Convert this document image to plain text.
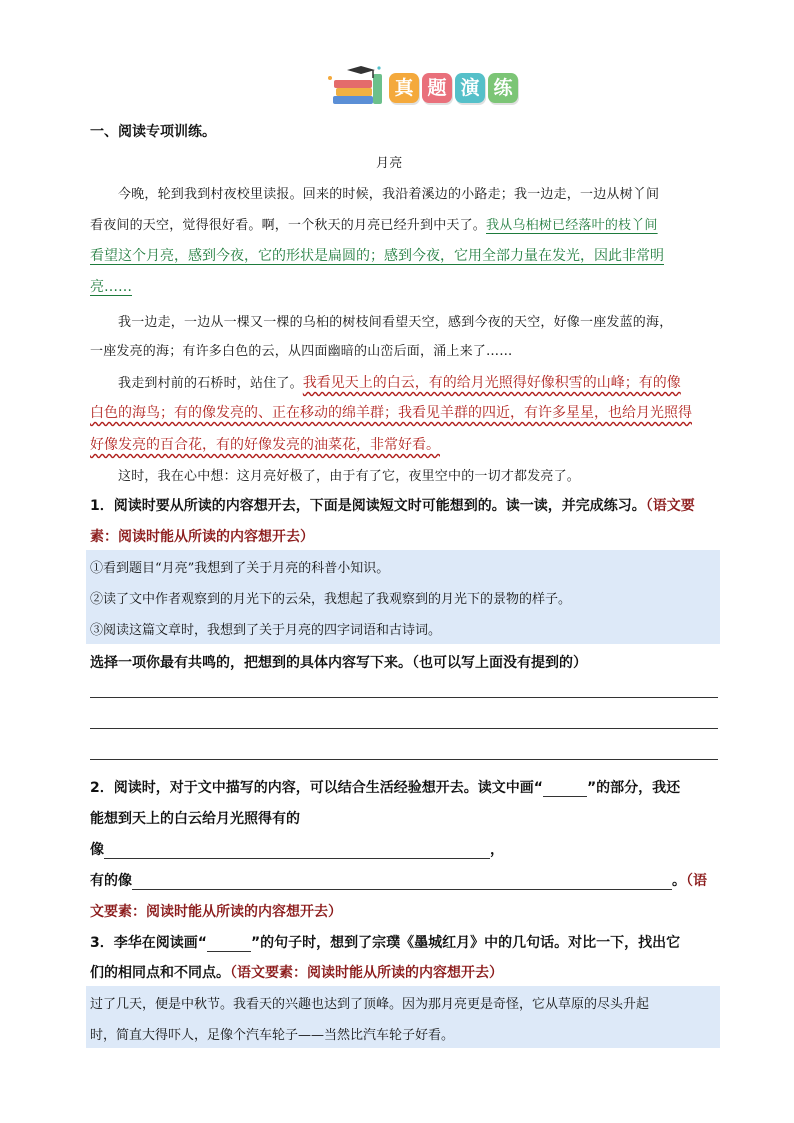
真 题 演 练
一、阅读专项训练。
月亮
今晚，轮到我到村夜校里读报。回来的时候，我沿着溪边的小路走；我一边走，一边从树丫间
看夜间的天空，觉得很好看。啊，一个秋天的月亮已经升到中天了。我从乌桕树已经落叶的枝丫间
看望这个月亮，感到今夜，它的形状是扁圆的；感到今夜，它用全部力量在发光，因此非常明
亮……
我一边走，一边从一棵又一棵的乌桕的树枝间看望天空，感到今夜的天空，好像一座发蓝的海，
一座发亮的海；有许多白色的云，从四面幽暗的山峦后面，涌上来了……
我走到村前的石桥时，站住了。我看见天上的白云，有的给月光照得好像积雪的山峰；有的像
白色的海鸟；有的像发亮的、正在移动的绵羊群；我看见羊群的四近，有许多星星，也给月光照得
好像发亮的百合花，有的好像发亮的油菜花，非常好看。
这时，我在心中想：这月亮好极了，由于有了它，夜里空中的一切才都发亮了。
1．阅读时要从所读的内容想开去，下面是阅读短文时可能想到的。读一读，并完成练习。（语文要
素：阅读时能从所读的内容想开去）
①看到题目“月亮”我想到了关于月亮的科普小知识。
②读了文中作者观察到的月光下的云朵，我想起了我观察到的月光下的景物的样子。
③阅读这篇文章时，我想到了关于月亮的四字词语和古诗词。
选择一项你最有共鸣的，把想到的具体内容写下来。（也可以写上面没有提到的）
2．阅读时，对于文中描写的内容，可以结合生活经验想开去。读文中画“	”的部分，我还
能想到天上的白云给月光照得有的
像	，
有的像	。（语
文要素：阅读时能从所读的内容想开去）
3．李华在阅读画“	”的句子时，想到了宗璞《墨城红月》中的几句话。对比一下，找出它
们的相同点和不同点。（语文要素：阅读时能从所读的内容想开去）
过了几天，便是中秋节。我看天的兴趣也达到了顶峰。因为那月亮更是奇怪，它从草原的尽头升起
时，简直大得吓人，足像个汽车轮子——当然比汽车轮子好看。
